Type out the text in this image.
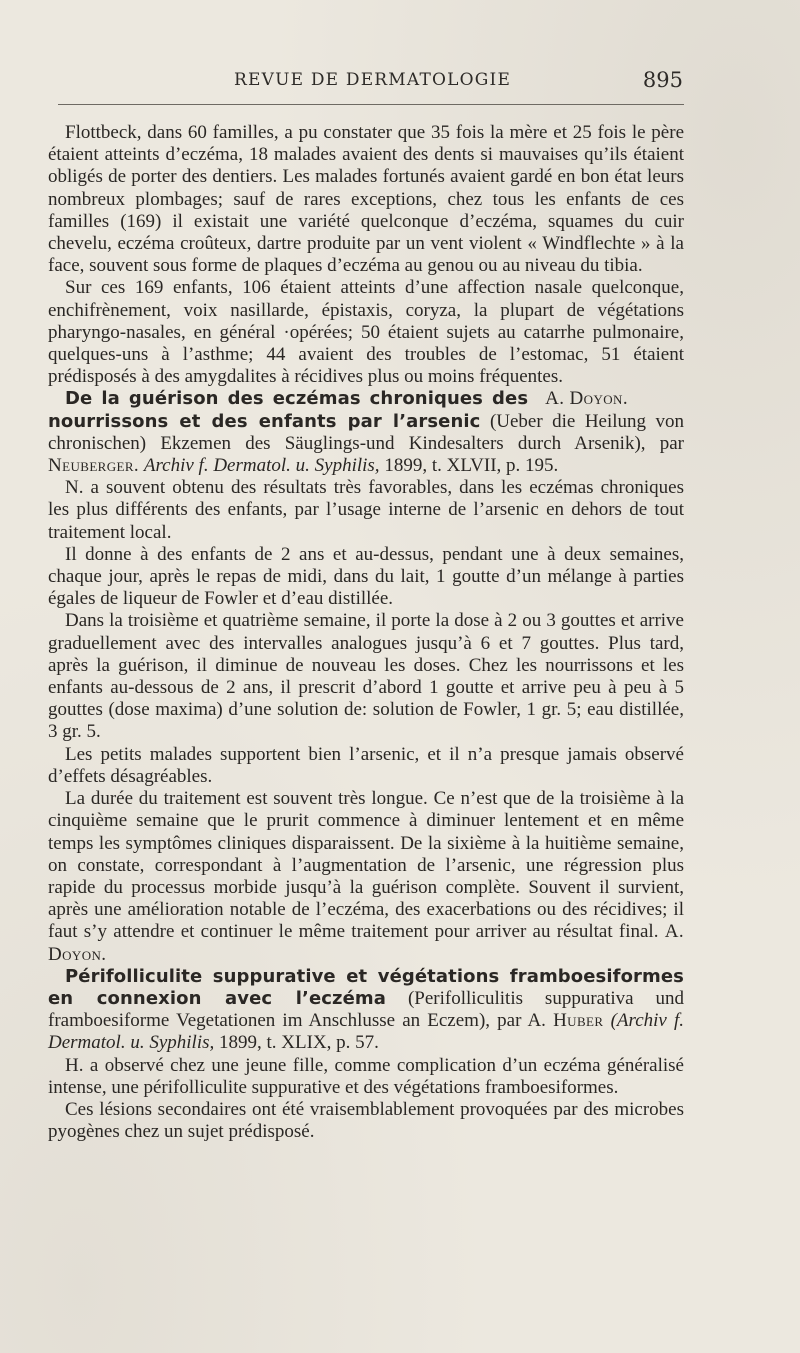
REVUE DE DERMATOLOGIE	895

Flottbeck, dans 60 familles, a pu constater que 35 fois la mère et 25 fois le père étaient atteints d’eczéma, 18 malades avaient des dents si mauvaises qu’ils étaient obligés de porter des dentiers. Les malades fortunés avaient gardé en bon état leurs nombreux plombages; sauf de rares exceptions, chez tous les enfants de ces familles (169) il existait une variété quelconque d’eczéma, squames du cuir chevelu, eczéma croûteux, dartre produite par un vent violent « Windflechte » à la face, souvent sous forme de plaques d’eczéma au genou ou au niveau du tibia.

Sur ces 169 enfants, 106 étaient atteints d’une affection nasale quelconque, enchifrènement, voix nasillarde, épistaxis, coryza, la plupart de végétations pharyngo-nasales, en général ·opérées; 50 étaient sujets au catarrhe pulmonaire, quelques-uns à l’asthme; 44 avaient des troubles de l’estomac, 51 étaient prédisposés à des amygdalites à récidives plus ou moins fréquentes.
A. Doyon.

De la guérison des eczémas chroniques des nourrissons et des enfants par l’arsenic (Ueber die Heilung von chronischen) Ekzemen des Säuglings-und Kindesalters durch Arsenik), par Neuberger. Archiv f. Dermatol. u. Syphilis, 1899, t. XLVII, p. 195.

N. a souvent obtenu des résultats très favorables, dans les eczémas chroniques les plus différents des enfants, par l’usage interne de l’arsenic en dehors de tout traitement local.

Il donne à des enfants de 2 ans et au-dessus, pendant une à deux semaines, chaque jour, après le repas de midi, dans du lait, 1 goutte d’un mélange à parties égales de liqueur de Fowler et d’eau distillée.

Dans la troisième et quatrième semaine, il porte la dose à 2 ou 3 gouttes et arrive graduellement avec des intervalles analogues jusqu’à 6 et 7 gouttes. Plus tard, après la guérison, il diminue de nouveau les doses. Chez les nourrissons et les enfants au-dessous de 2 ans, il prescrit d’abord 1 goutte et arrive peu à peu à 5 gouttes (dose maxima) d’une solution de: solution de Fowler, 1 gr. 5; eau distillée, 3 gr. 5.

Les petits malades supportent bien l’arsenic, et il n’a presque jamais observé d’effets désagréables.

La durée du traitement est souvent très longue. Ce n’est que de la troisième à la cinquième semaine que le prurit commence à diminuer lentement et en même temps les symptômes cliniques disparaissent. De la sixième à la huitième semaine, on constate, correspondant à l’augmentation de l’arsenic, une régression plus rapide du processus morbide jusqu’à la guérison complète. Souvent il survient, après une amélioration notable de l’eczéma, des exacerbations ou des récidives; il faut s’y attendre et continuer le même traitement pour arriver au résultat final. A. Doyon.

Périfolliculite suppurative et végétations framboesiformes en connexion avec l’eczéma (Perifolliculitis suppurativa und framboesiforme Vegetationen im Anschlusse an Eczem), par A. Huber (Archiv f. Dermatol. u. Syphilis, 1899, t. XLIX, p. 57.

H. a observé chez une jeune fille, comme complication d’un eczéma généralisé intense, une périfolliculite suppurative et des végétations framboesiformes.

Ces lésions secondaires ont été vraisemblablement provoquées par des microbes pyogènes chez un sujet prédisposé.
